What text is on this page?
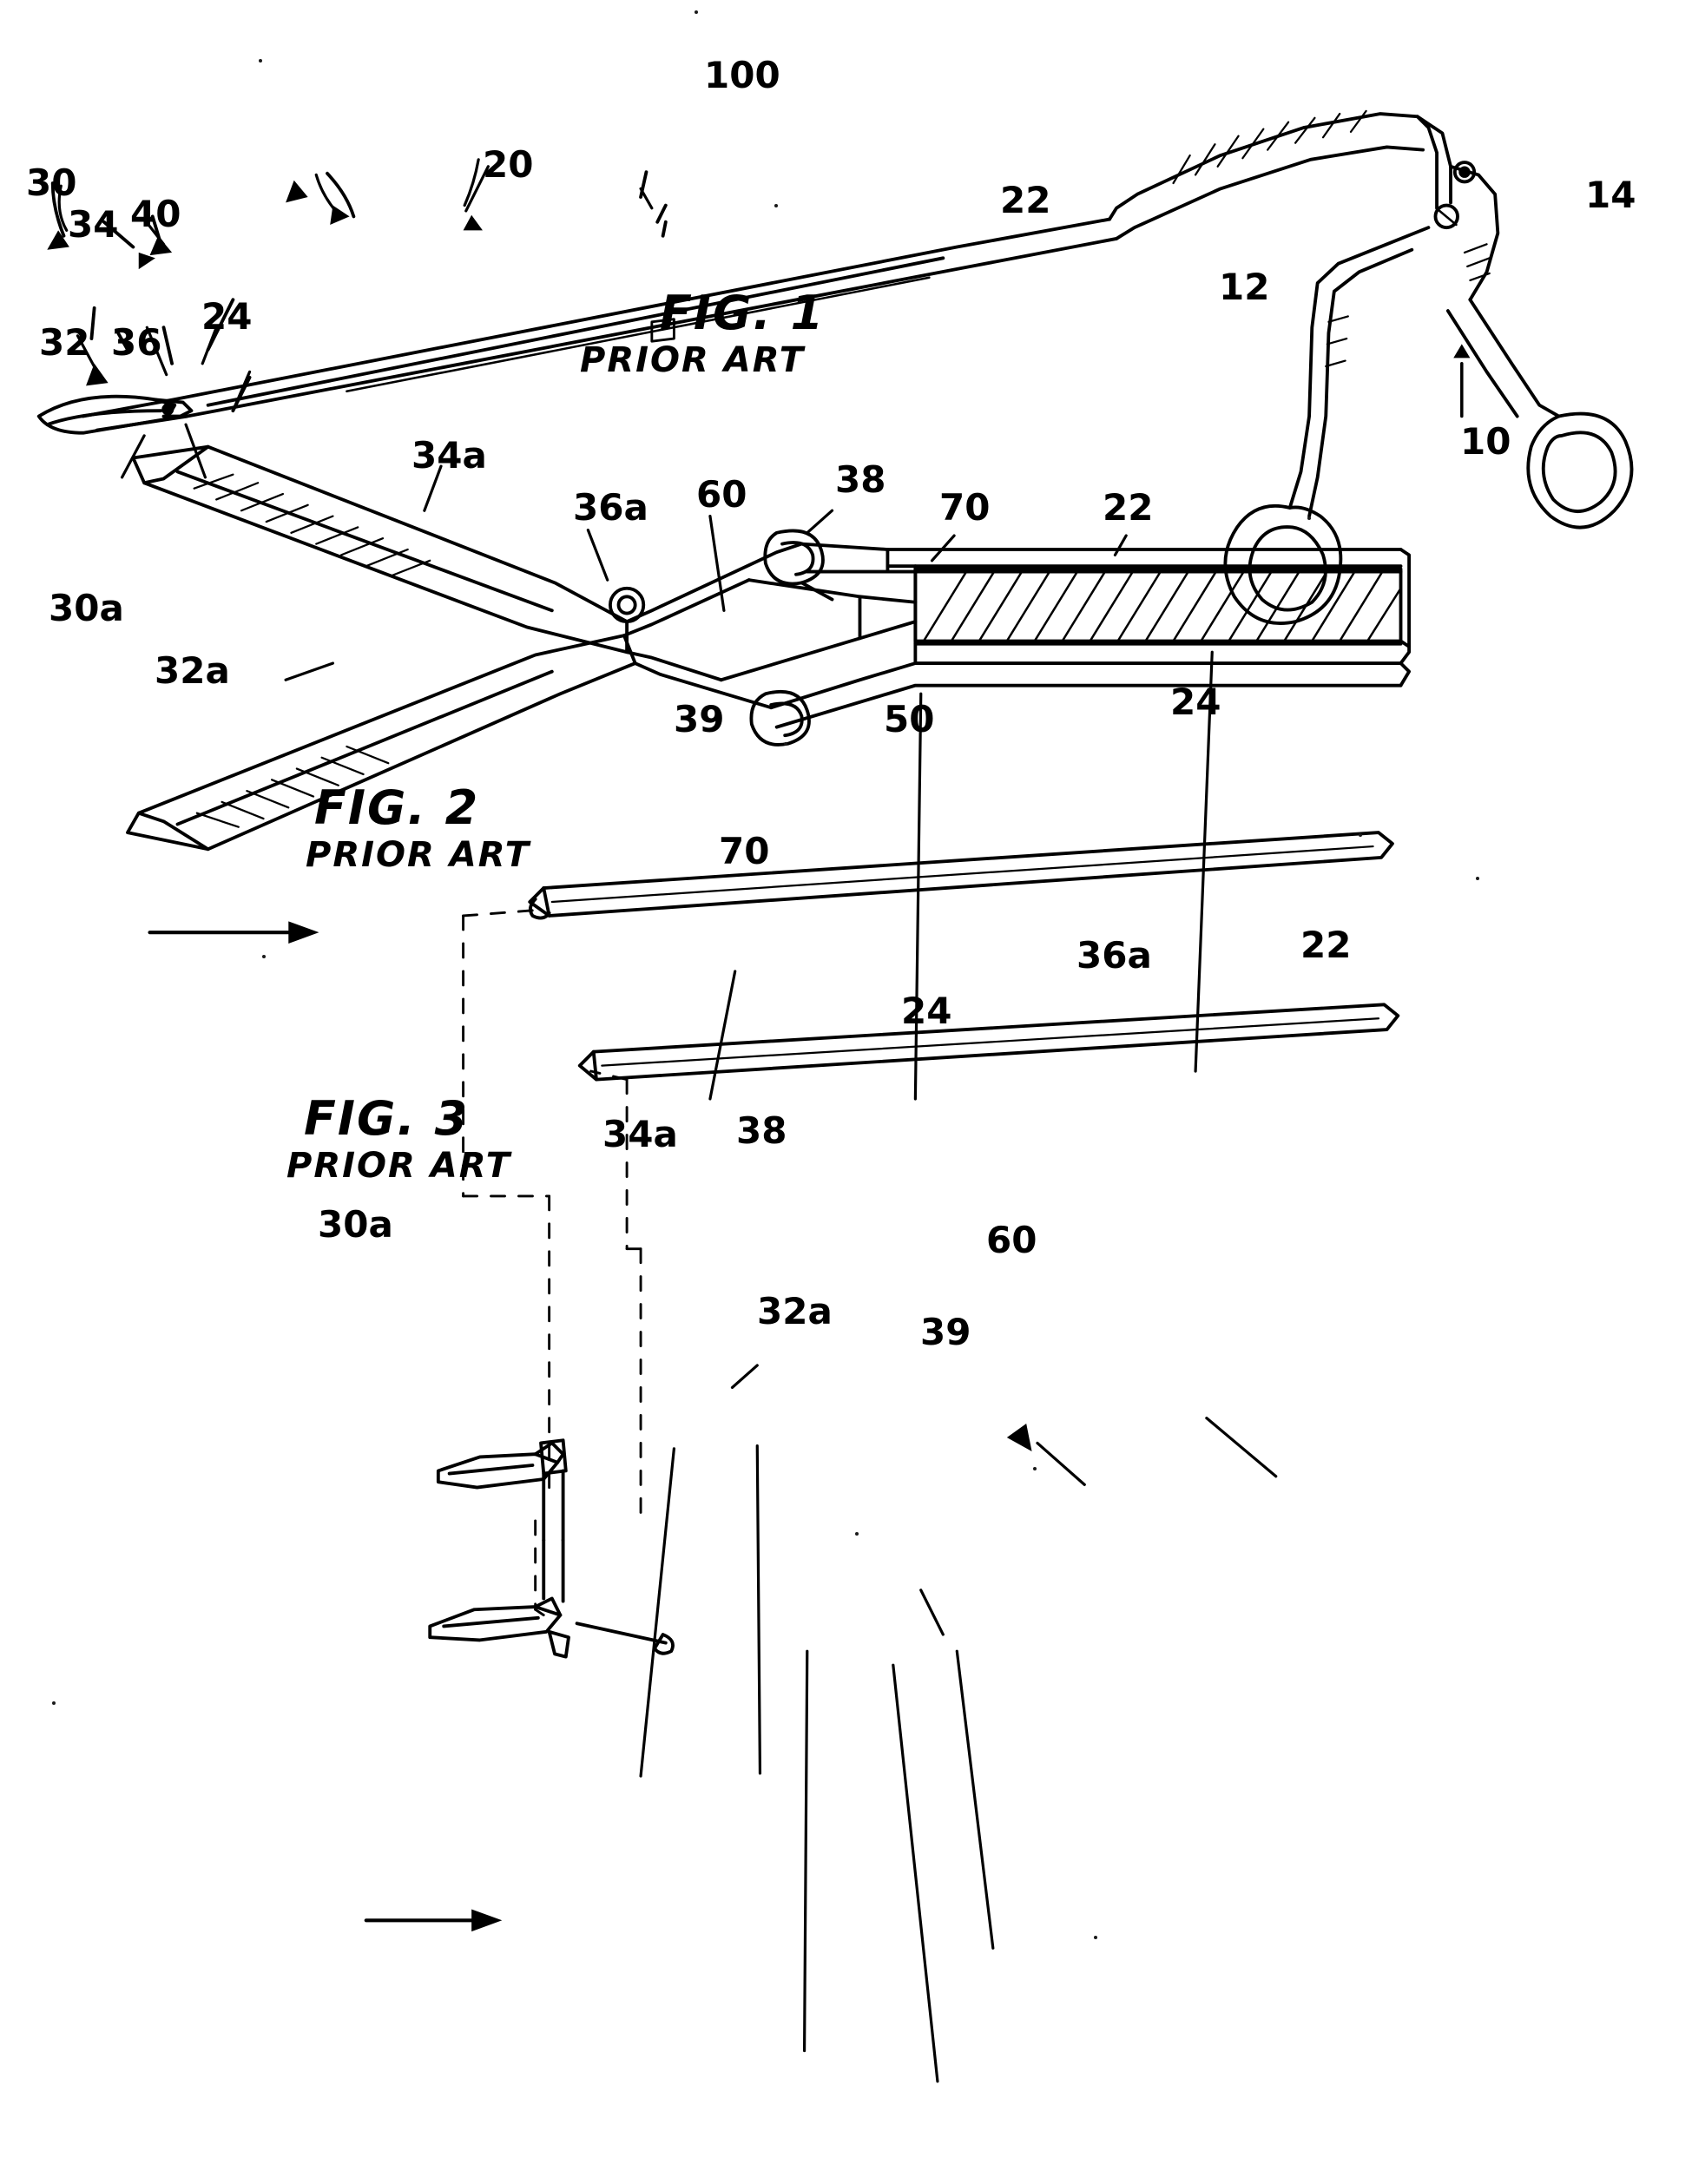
100
20
22
30
34 40
24
32 36
14
12
10
34a
36a 60 38
70	22
30a
32a
39	50	24
70
22
36a
24
34a 38
30a	60
32a 39
FIG. 1
PRIOR ART
FIG. 2
PRIOR ART
FIG. 3
PRIOR ART
